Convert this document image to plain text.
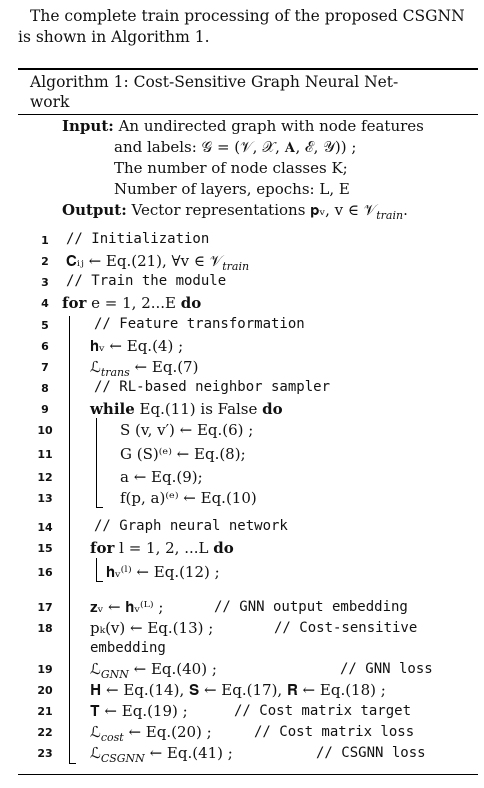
The complete train processing of the proposed CSGNN
is shown in Algorithm 1.
Algorithm 1: Cost-Sensitive Graph Neural Net-
work
Input: An undirected graph with node features
and labels: 𝒢 = (𝒱, 𝒳, 𝐀, ℰ, 𝒴)) ;
The number of node classes K;
Number of layers, epochs: L, E
Output: Vector representations 𝐩ᵥ, v ∈ 𝒱$_{train}$.
1	// Initialization
2	𝐂ᵢⱼ ← Eq.(21), ∀v ∈ 𝒱$_{train}$
3	// Train the module
4 for e = 1, 2...E do
5	// Feature transformation
6	𝐡ᵥ ← Eq.(4) ;
7	ℒ$_{trans}$ ← Eq.(7)
8	// RL-based neighbor sampler
9	while Eq.(11) is False do
10	S (v, v′) ← Eq.(6) ;
11	G (S)⁽ᵉ⁾ ← Eq.(8);
12	a ← Eq.(9);
13	f(p, a)⁽ᵉ⁾ ← Eq.(10)
14	// Graph neural network
15 for l = 1, 2, ...L do
16	𝐡ᵥ⁽ˡ⁾ ← Eq.(12) ;
17 𝐳ᵥ ← 𝐡ᵥ⁽ᴸ⁾ ;	// GNN output embedding
18 pₖ(v) ← Eq.(13) ;	// Cost-sensitive
embedding
19 ℒ$_{GNN}$ ← Eq.(40) ;	// GNN loss
20 𝐇 ← Eq.(14), 𝐒 ← Eq.(17), 𝐑 ← Eq.(18) ;
21 𝐓 ← Eq.(19) ;	// Cost matrix target
22 ℒ$_{cost}$ ← Eq.(20) ;	// Cost matrix loss
23 ℒ$_{CSGNN}$ ← Eq.(41) ;	// CSGNN loss
